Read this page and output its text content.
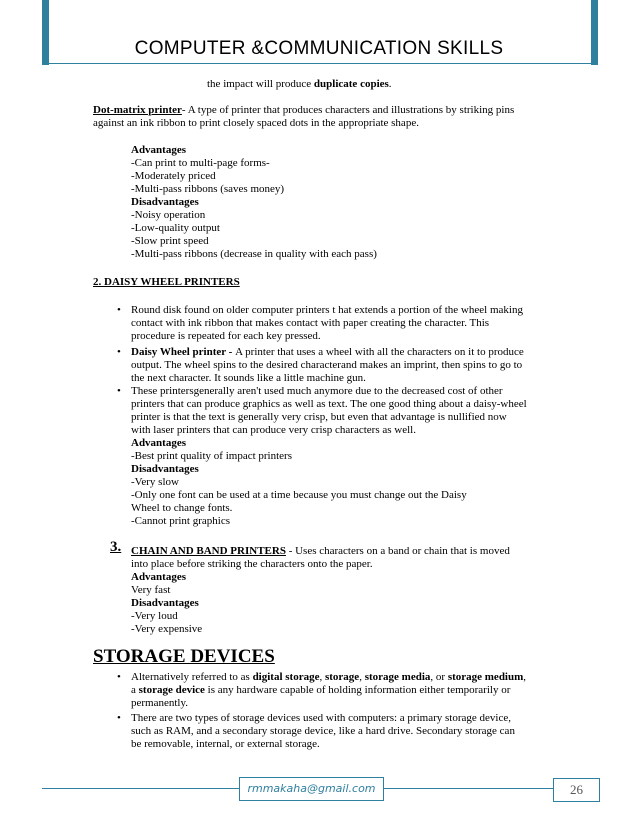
COMPUTER &COMMUNICATION SKILLS
the impact will produce duplicate copies.
Dot-matrix printer- A type of printer that produces characters and illustrations by striking pins
against an ink ribbon to print closely spaced dots in the appropriate shape.
Advantages
-Can print to multi-page forms-
-Moderately priced
-Multi-pass ribbons (saves money)
Disadvantages
-Noisy operation
-Low-quality output
-Slow print speed
-Multi-pass ribbons (decrease in quality with each pass)
2. DAISY WHEEL PRINTERS
• Round disk found on older computer printers t hat extends a portion of the wheel making
contact with ink ribbon that makes contact with paper creating the character. This
procedure is repeated for each key pressed.
• Daisy Wheel printer - A printer that uses a wheel with all the characters on it to produce
output. The wheel spins to the desired characterand makes an imprint, then spins to go to
the next character. It sounds like a little machine gun.
• These printersgenerally aren't used much anymore due to the decreased cost of other
printers that can produce graphics as well as text. The one good thing about a daisy-wheel
printer is that the text is generally very crisp, but even that advantage is nullified now
with laser printers that can produce very crisp characters as well.
Advantages
-Best print quality of impact printers
Disadvantages
-Very slow
-Only one font can be used at a time because you must change out the Daisy
Wheel to change fonts.
-Cannot print graphics
3. CHAIN AND BAND PRINTERS - Uses characters on a band or chain that is moved
into place before striking the characters onto the paper.
Advantages
Very fast
Disadvantages
-Very loud
-Very expensive
STORAGE DEVICES
• Alternatively referred to as digital storage, storage, storage media, or storage medium,
a storage device is any hardware capable of holding information either temporarily or
permanently.
• There are two types of storage devices used with computers: a primary storage device,
such as RAM, and a secondary storage device, like a hard drive. Secondary storage can
be removable, internal, or external storage.
rmmakaha@gmail.com	26
